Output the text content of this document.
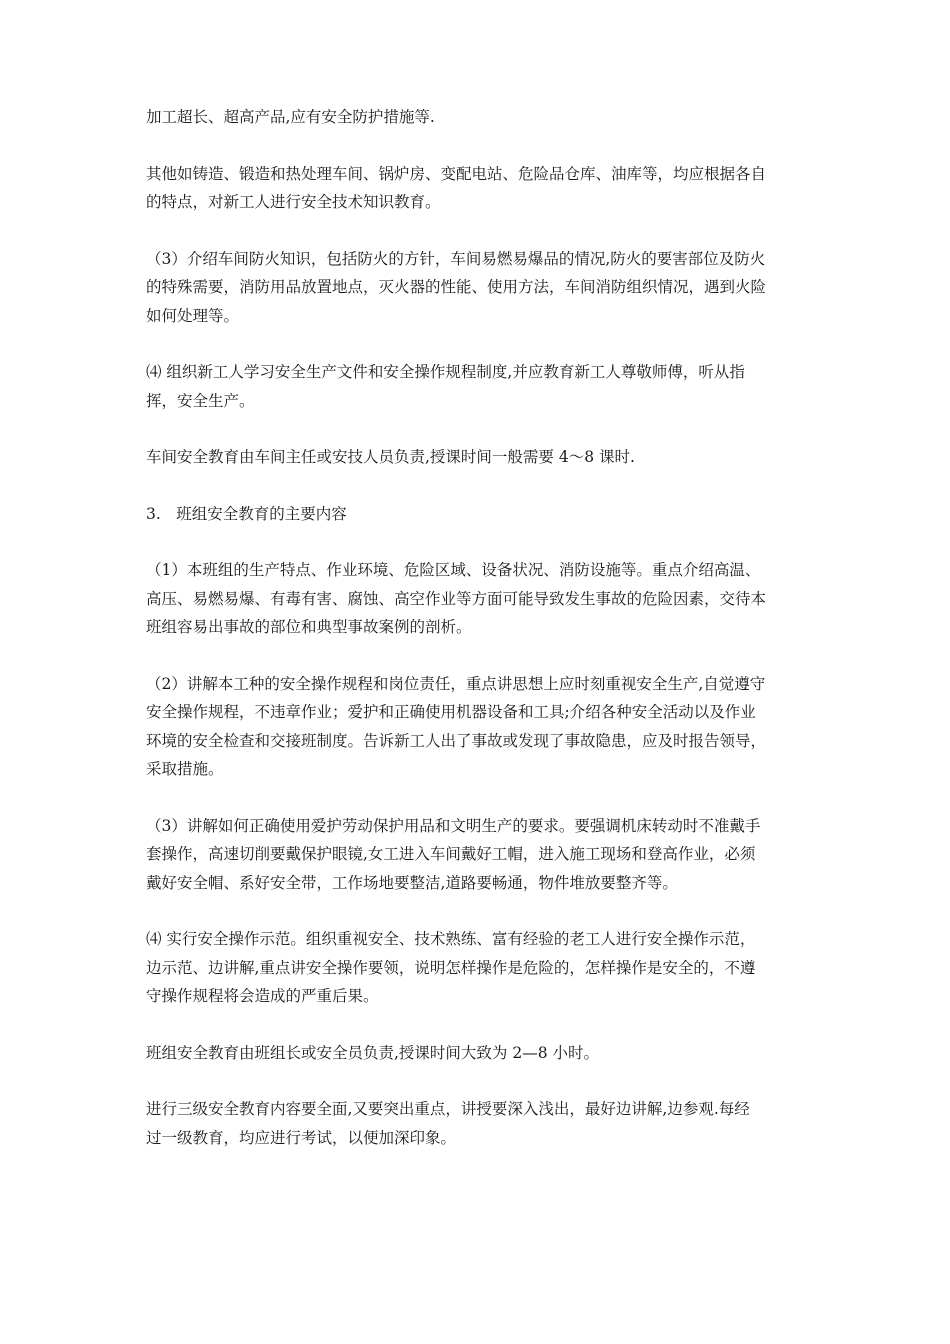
加工超长、超高产品,应有安全防护措施等.

其他如铸造、锻造和热处理车间、锅炉房、变配电站、危险品仓库、油库等，均应根据各自
的特点，对新工人进行安全技术知识教育。

（3）介绍车间防火知识，包括防火的方针，车间易燃易爆品的情况,防火的要害部位及防火
的特殊需要，消防用品放置地点，灭火器的性能、使用方法，车间消防组织情况，遇到火险
如何处理等。

⑷ 组织新工人学习安全生产文件和安全操作规程制度,并应教育新工人尊敬师傅，听从指
挥，安全生产。

车间安全教育由车间主任或安技人员负责,授课时间一般需要 4～8 课时.

3.　班组安全教育的主要内容

（1）本班组的生产特点、作业环境、危险区域、设备状况、消防设施等。重点介绍高温、
高压、易燃易爆、有毒有害、腐蚀、高空作业等方面可能导致发生事故的危险因素，交待本
班组容易出事故的部位和典型事故案例的剖析。

（2）讲解本工种的安全操作规程和岗位责任，重点讲思想上应时刻重视安全生产,自觉遵守
安全操作规程，不违章作业；爱护和正确使用机器设备和工具;介绍各种安全活动以及作业
环境的安全检查和交接班制度。告诉新工人出了事故或发现了事故隐患，应及时报告领导，
采取措施。

（3）讲解如何正确使用爱护劳动保护用品和文明生产的要求。要强调机床转动时不准戴手
套操作，高速切削要戴保护眼镜,女工进入车间戴好工帽，进入施工现场和登高作业，必须
戴好安全帽、系好安全带，工作场地要整洁,道路要畅通，物件堆放要整齐等。

⑷ 实行安全操作示范。组织重视安全、技术熟练、富有经验的老工人进行安全操作示范，
边示范、边讲解,重点讲安全操作要领，说明怎样操作是危险的，怎样操作是安全的，不遵
守操作规程将会造成的严重后果。

班组安全教育由班组长或安全员负责,授课时间大致为 2—8 小时。

进行三级安全教育内容要全面,又要突出重点，讲授要深入浅出，最好边讲解,边参观.每经
过一级教育，均应进行考试，以便加深印象。
